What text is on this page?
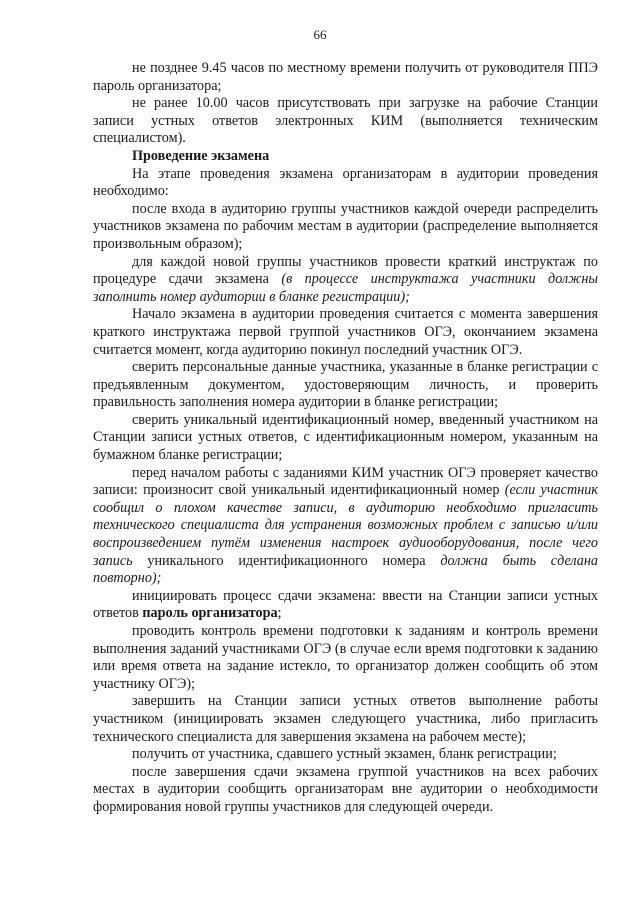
66

не позднее 9.45 часов по местному времени получить от руководителя ППЭ пароль организатора;

не ранее 10.00 часов присутствовать при загрузке на рабочие Станции записи устных ответов электронных КИМ (выполняется техническим специалистом).

Проведение экзамена

На этапе проведения экзамена организаторам в аудитории проведения необходимо:

после входа в аудиторию группы участников каждой очереди распределить участников экзамена по рабочим местам в аудитории (распределение выполняется произвольным образом);

для каждой новой группы участников провести краткий инструктаж по процедуре сдачи экзамена (в процессе инструктажа участники должны заполнить номер аудитории в бланке регистрации);

Начало экзамена в аудитории проведения считается с момента завершения краткого инструктажа первой группой участников ОГЭ, окончанием экзамена считается момент, когда аудиторию покинул последний участник ОГЭ.

сверить персональные данные участника, указанные в бланке регистрации с предъявленным документом, удостоверяющим личность, и проверить правильность заполнения номера аудитории в бланке регистрации;

сверить уникальный идентификационный номер, введенный участником на Станции записи устных ответов, с идентификационным номером, указанным на бумажном бланке регистрации;

перед началом работы с заданиями КИМ участник ОГЭ проверяет качество записи: произносит свой уникальный идентификационный номер (если участник сообщил о плохом качестве записи, в аудиторию необходимо пригласить технического специалиста для устранения возможных проблем с записью и/или воспроизведением путём изменения настроек аудиооборудования, после чего запись уникального идентификационного номера должна быть сделана повторно);

инициировать процесс сдачи экзамена: ввести на Станции записи устных ответов пароль организатора;

проводить контроль времени подготовки к заданиям и контроль времени выполнения заданий участниками ОГЭ (в случае если время подготовки к заданию или время ответа на задание истекло, то организатор должен сообщить об этом участнику ОГЭ);

завершить на Станции записи устных ответов выполнение работы участником (инициировать экзамен следующего участника, либо пригласить технического специалиста для завершения экзамена на рабочем месте);

получить от участника, сдавшего устный экзамен, бланк регистрации;

после завершения сдачи экзамена группой участников на всех рабочих местах в аудитории сообщить организаторам вне аудитории о необходимости формирования новой группы участников для следующей очереди.
